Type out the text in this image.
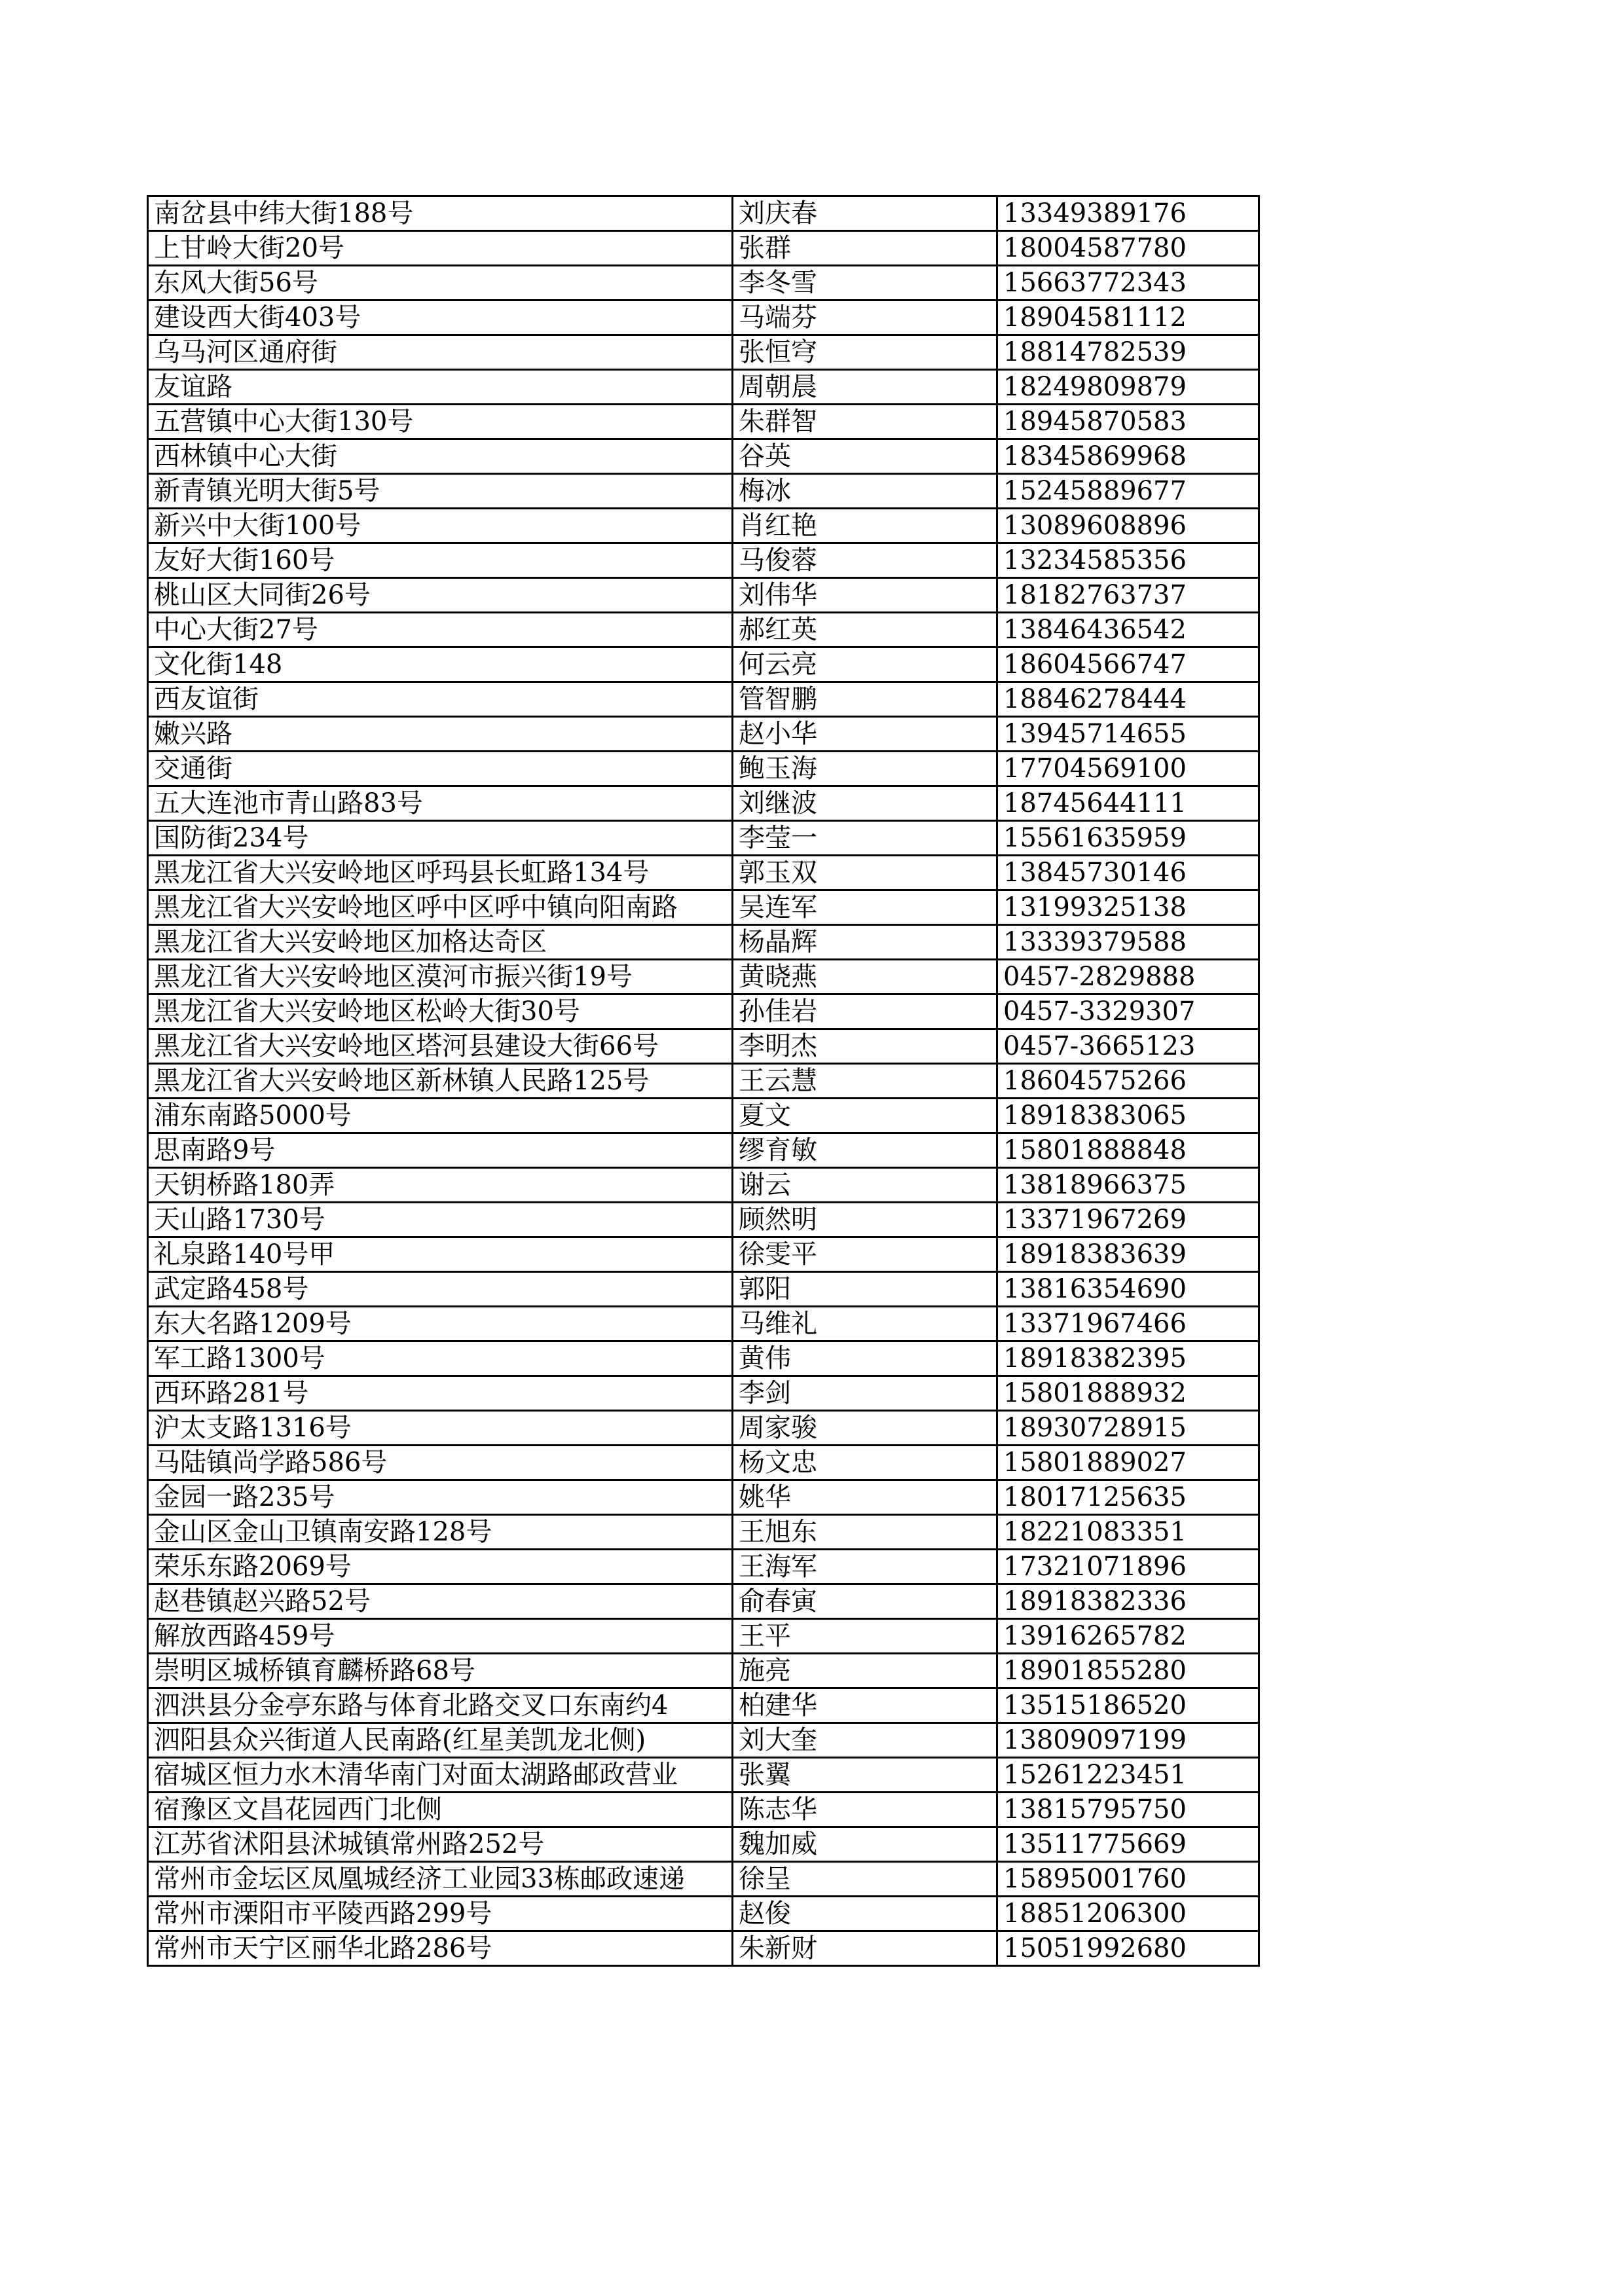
南岔县中纬大街188号	刘庆春	13349389176
上甘岭大街20号	张群	18004587780
东风大街56号	李冬雪	15663772343
建设西大街403号	马端芬	18904581112
乌马河区通府街	张恒穹	18814782539
友谊路	周朝晨	18249809879
五营镇中心大街130号	朱群智	18945870583
西林镇中心大街	谷英	18345869968
新青镇光明大街5号	梅冰	15245889677
新兴中大街100号	肖红艳	13089608896
友好大街160号	马俊蓉	13234585356
桃山区大同街26号	刘伟华	18182763737
中心大街27号	郝红英	13846436542
文化街148	何云亮	18604566747
西友谊街	管智鹏	18846278444
嫩兴路	赵小华	13945714655
交通街	鲍玉海	17704569100
五大连池市青山路83号	刘继波	18745644111
国防街234号	李莹一	15561635959
黑龙江省大兴安岭地区呼玛县长虹路134号	郭玉双	13845730146
黑龙江省大兴安岭地区呼中区呼中镇向阳南路	吴连军	13199325138
黑龙江省大兴安岭地区加格达奇区	杨晶辉	13339379588
黑龙江省大兴安岭地区漠河市振兴街19号	黄晓燕	0457-2829888
黑龙江省大兴安岭地区松岭大街30号	孙佳岩	0457-3329307
黑龙江省大兴安岭地区塔河县建设大街66号	李明杰	0457-3665123
黑龙江省大兴安岭地区新林镇人民路125号	王云慧	18604575266
浦东南路5000号	夏文	18918383065
思南路9号	缪育敏	15801888848
天钥桥路180弄	谢云	13818966375
天山路1730号	顾然明	13371967269
礼泉路140号甲	徐雯平	18918383639
武定路458号	郭阳	13816354690
东大名路1209号	马维礼	13371967466
军工路1300号	黄伟	18918382395
西环路281号	李剑	15801888932
沪太支路1316号	周家骏	18930728915
马陆镇尚学路586号	杨文忠	15801889027
金园一路235号	姚华	18017125635
金山区金山卫镇南安路128号	王旭东	18221083351
荣乐东路2069号	王海军	17321071896
赵巷镇赵兴路52号	俞春寅	18918382336
解放西路459号	王平	13916265782
崇明区城桥镇育麟桥路68号	施亮	18901855280
泗洪县分金亭东路与体育北路交叉口东南约4	柏建华	13515186520
泗阳县众兴街道人民南路(红星美凯龙北侧)	刘大奎	13809097199
宿城区恒力水木清华南门对面太湖路邮政营业	张翼	15261223451
宿豫区文昌花园西门北侧	陈志华	13815795750
江苏省沭阳县沭城镇常州路252号	魏加威	13511775669
常州市金坛区凤凰城经济工业园33栋邮政速递	徐呈	15895001760
常州市溧阳市平陵西路299号	赵俊	18851206300
常州市天宁区丽华北路286号	朱新财	15051992680
